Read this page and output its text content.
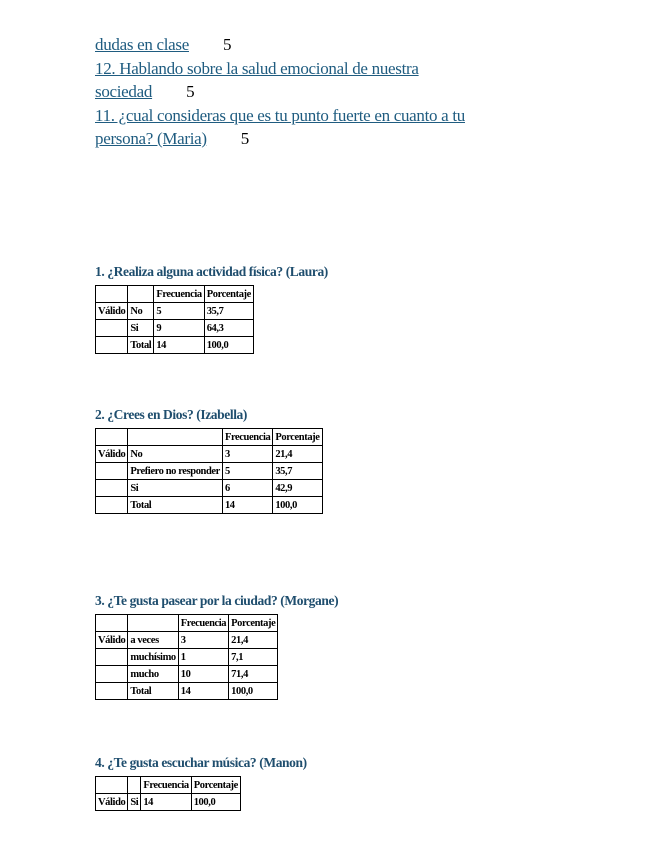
dudas en clase 5
12. Hablando sobre la salud emocional de nuestra
sociedad 5
11. ¿cual consideras que es tu punto fuerte en cuanto a tu
persona? (Maria) 5
1. ¿Realiza alguna actividad física? (Laura)
		Frecuencia	Porcentaje
Válido	No	5	35,7
	Si	9	64,3
	Total	14	100,0
2. ¿Crees en Dios? (Izabella)
		Frecuencia	Porcentaje
Válido	No	3	21,4
	Prefiero no responder	5	35,7
	Si	6	42,9
	Total	14	100,0
3. ¿Te gusta pasear por la ciudad? (Morgane)
		Frecuencia	Porcentaje
Válido	a veces	3	21,4
	muchísimo	1	7,1
	mucho	10	71,4
	Total	14	100,0
4. ¿Te gusta escuchar música? (Manon)
		Frecuencia	Porcentaje
Válido	Si	14	100,0
